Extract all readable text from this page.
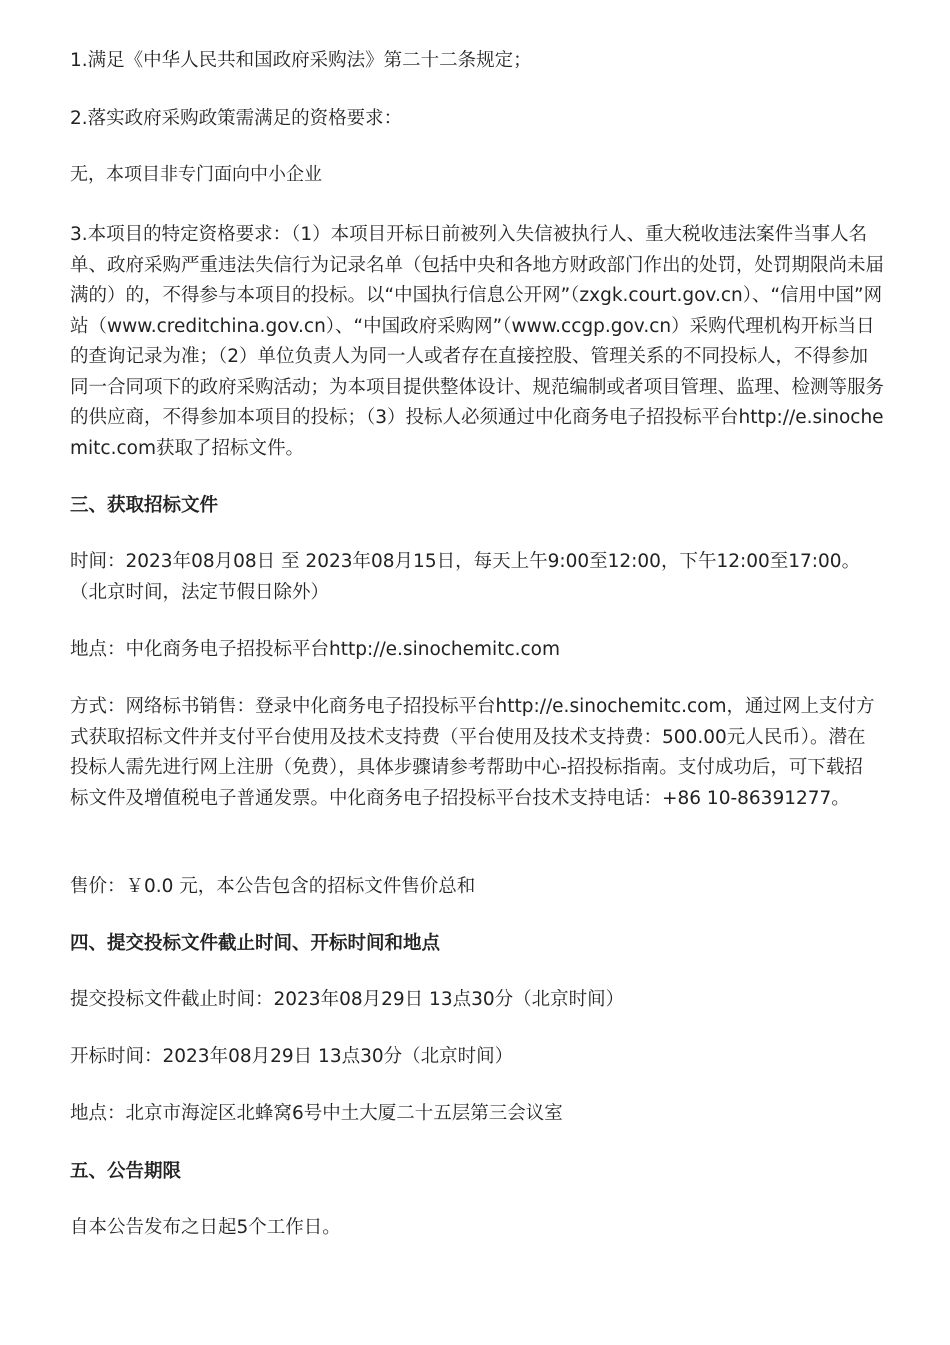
1.满足《中华人民共和国政府采购法》第二十二条规定；

2.落实政府采购政策需满足的资格要求：

无，本项目非专门面向中小企业

3.本项目的特定资格要求：（1）本项目开标日前被列入失信被执行人、重大税收违法案件当事人名单、政府采购严重违法失信行为记录名单（包括中央和各地方财政部门作出的处罚，处罚期限尚未届满的）的，不得参与本项目的投标。以“中国执行信息公开网”（zxgk.court.gov.cn）、“信用中国”网站（www.creditchina.gov.cn）、“中国政府采购网”（www.ccgp.gov.cn）采购代理机构开标当日的查询记录为准；（2）单位负责人为同一人或者存在直接控股、管理关系的不同投标人，不得参加同一合同项下的政府采购活动；为本项目提供整体设计、规范编制或者项目管理、监理、检测等服务的供应商，不得参加本项目的投标；（3）投标人必须通过中化商务电子招投标平台http://e.sinochemitc.com获取了招标文件。

三、获取招标文件

时间：2023年08月08日 至 2023年08月15日，每天上午9:00至12:00，下午12:00至17:00。（北京时间，法定节假日除外）

地点：中化商务电子招投标平台http://e.sinochemitc.com

方式：网络标书销售：登录中化商务电子招投标平台http://e.sinochemitc.com，通过网上支付方式获取招标文件并支付平台使用及技术支持费（平台使用及技术支持费：500.00元人民币）。潜在投标人需先进行网上注册（免费），具体步骤请参考帮助中心-招投标指南。支付成功后，可下载招标文件及增值税电子普通发票。中化商务电子招投标平台技术支持电话：+86 10-86391277。

售价：￥0.0 元，本公告包含的招标文件售价总和

四、提交投标文件截止时间、开标时间和地点

提交投标文件截止时间：2023年08月29日 13点30分（北京时间）

开标时间：2023年08月29日 13点30分（北京时间）

地点：北京市海淀区北蜂窝6号中土大厦二十五层第三会议室

五、公告期限

自本公告发布之日起5个工作日。
